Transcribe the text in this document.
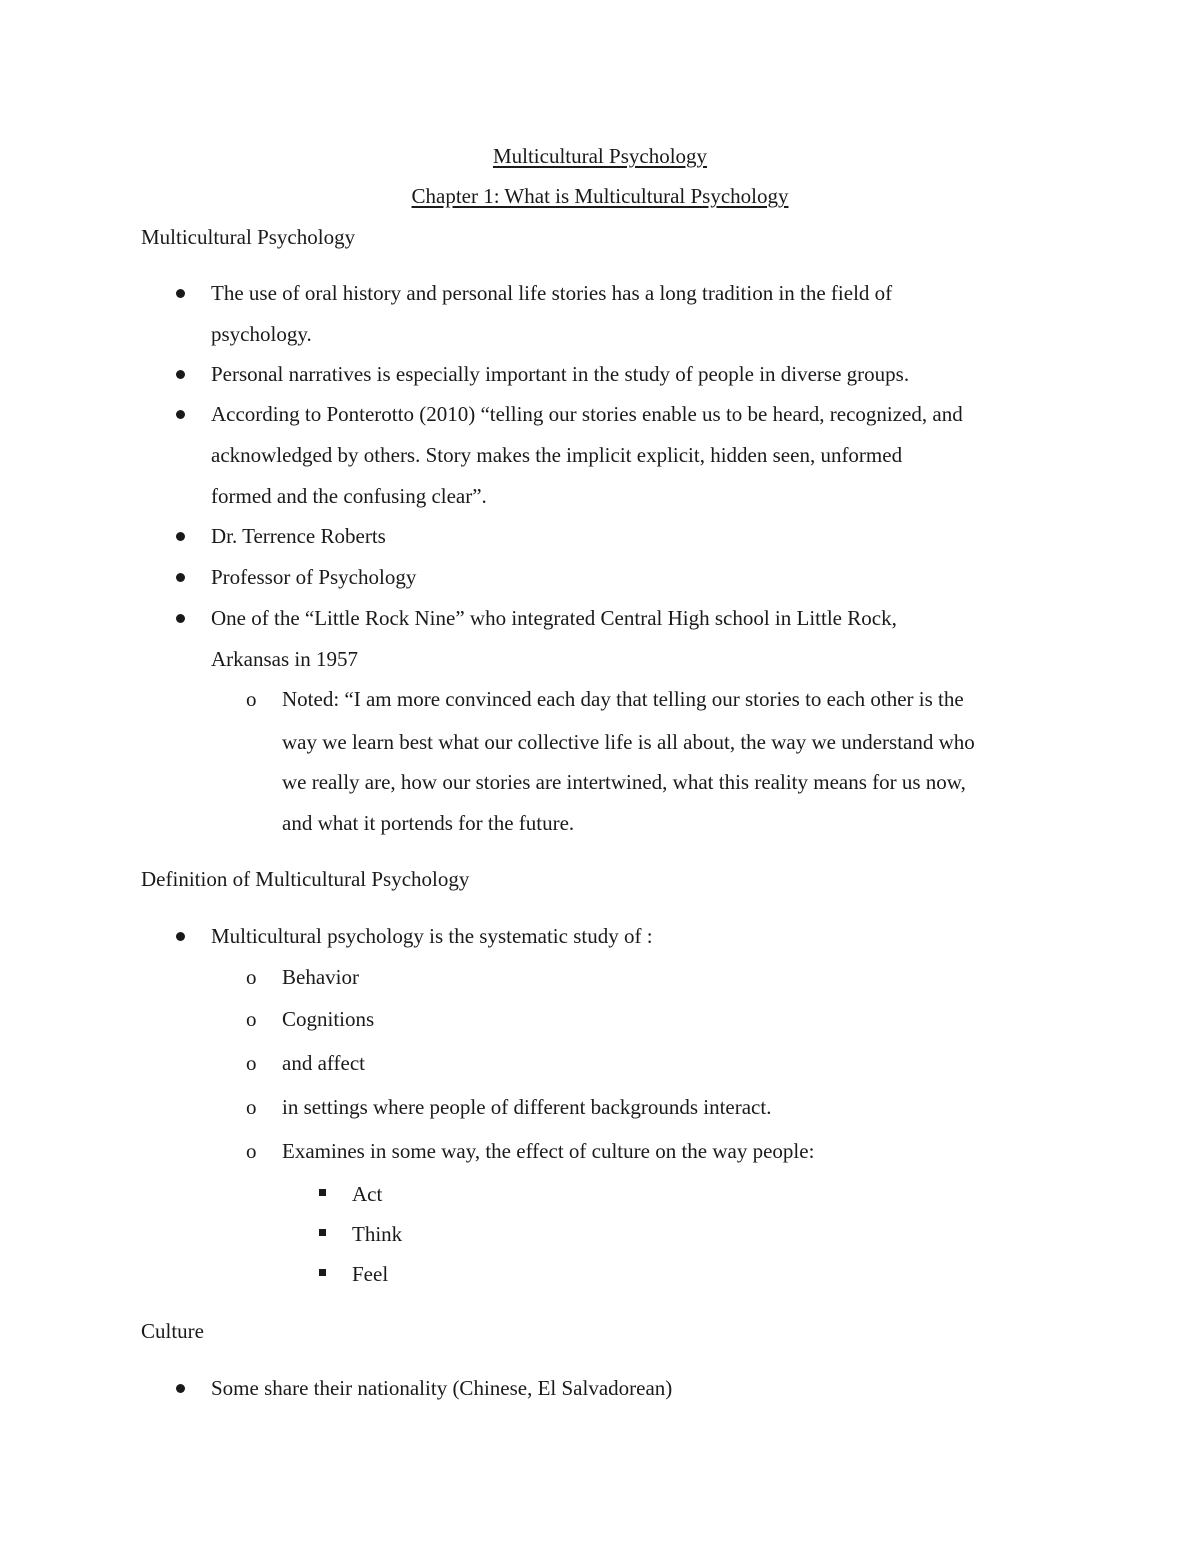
Multicultural Psychology
Chapter 1: What is Multicultural Psychology
Multicultural Psychology
The use of oral history and personal life stories has a long tradition in the field of
psychology.
Personal narratives is especially important in the study of people in diverse groups.
According to Ponterotto (2010) “telling our stories enable us to be heard, recognized, and
acknowledged by others. Story makes the implicit explicit, hidden seen, unformed
formed and the confusing clear”.
Dr. Terrence Roberts
Professor of Psychology
One of the “Little Rock Nine” who integrated Central High school in Little Rock,
Arkansas in 1957
o Noted: “I am more convinced each day that telling our stories to each other is the
way we learn best what our collective life is all about, the way we understand who
we really are, how our stories are intertwined, what this reality means for us now,
and what it portends for the future.
Definition of Multicultural Psychology
Multicultural psychology is the systematic study of :
o Behavior
o Cognitions
o and affect
o in settings where people of different backgrounds interact.
o Examines in some way, the effect of culture on the way people:
Act
Think
Feel
Culture
Some share their nationality (Chinese, El Salvadorean)
